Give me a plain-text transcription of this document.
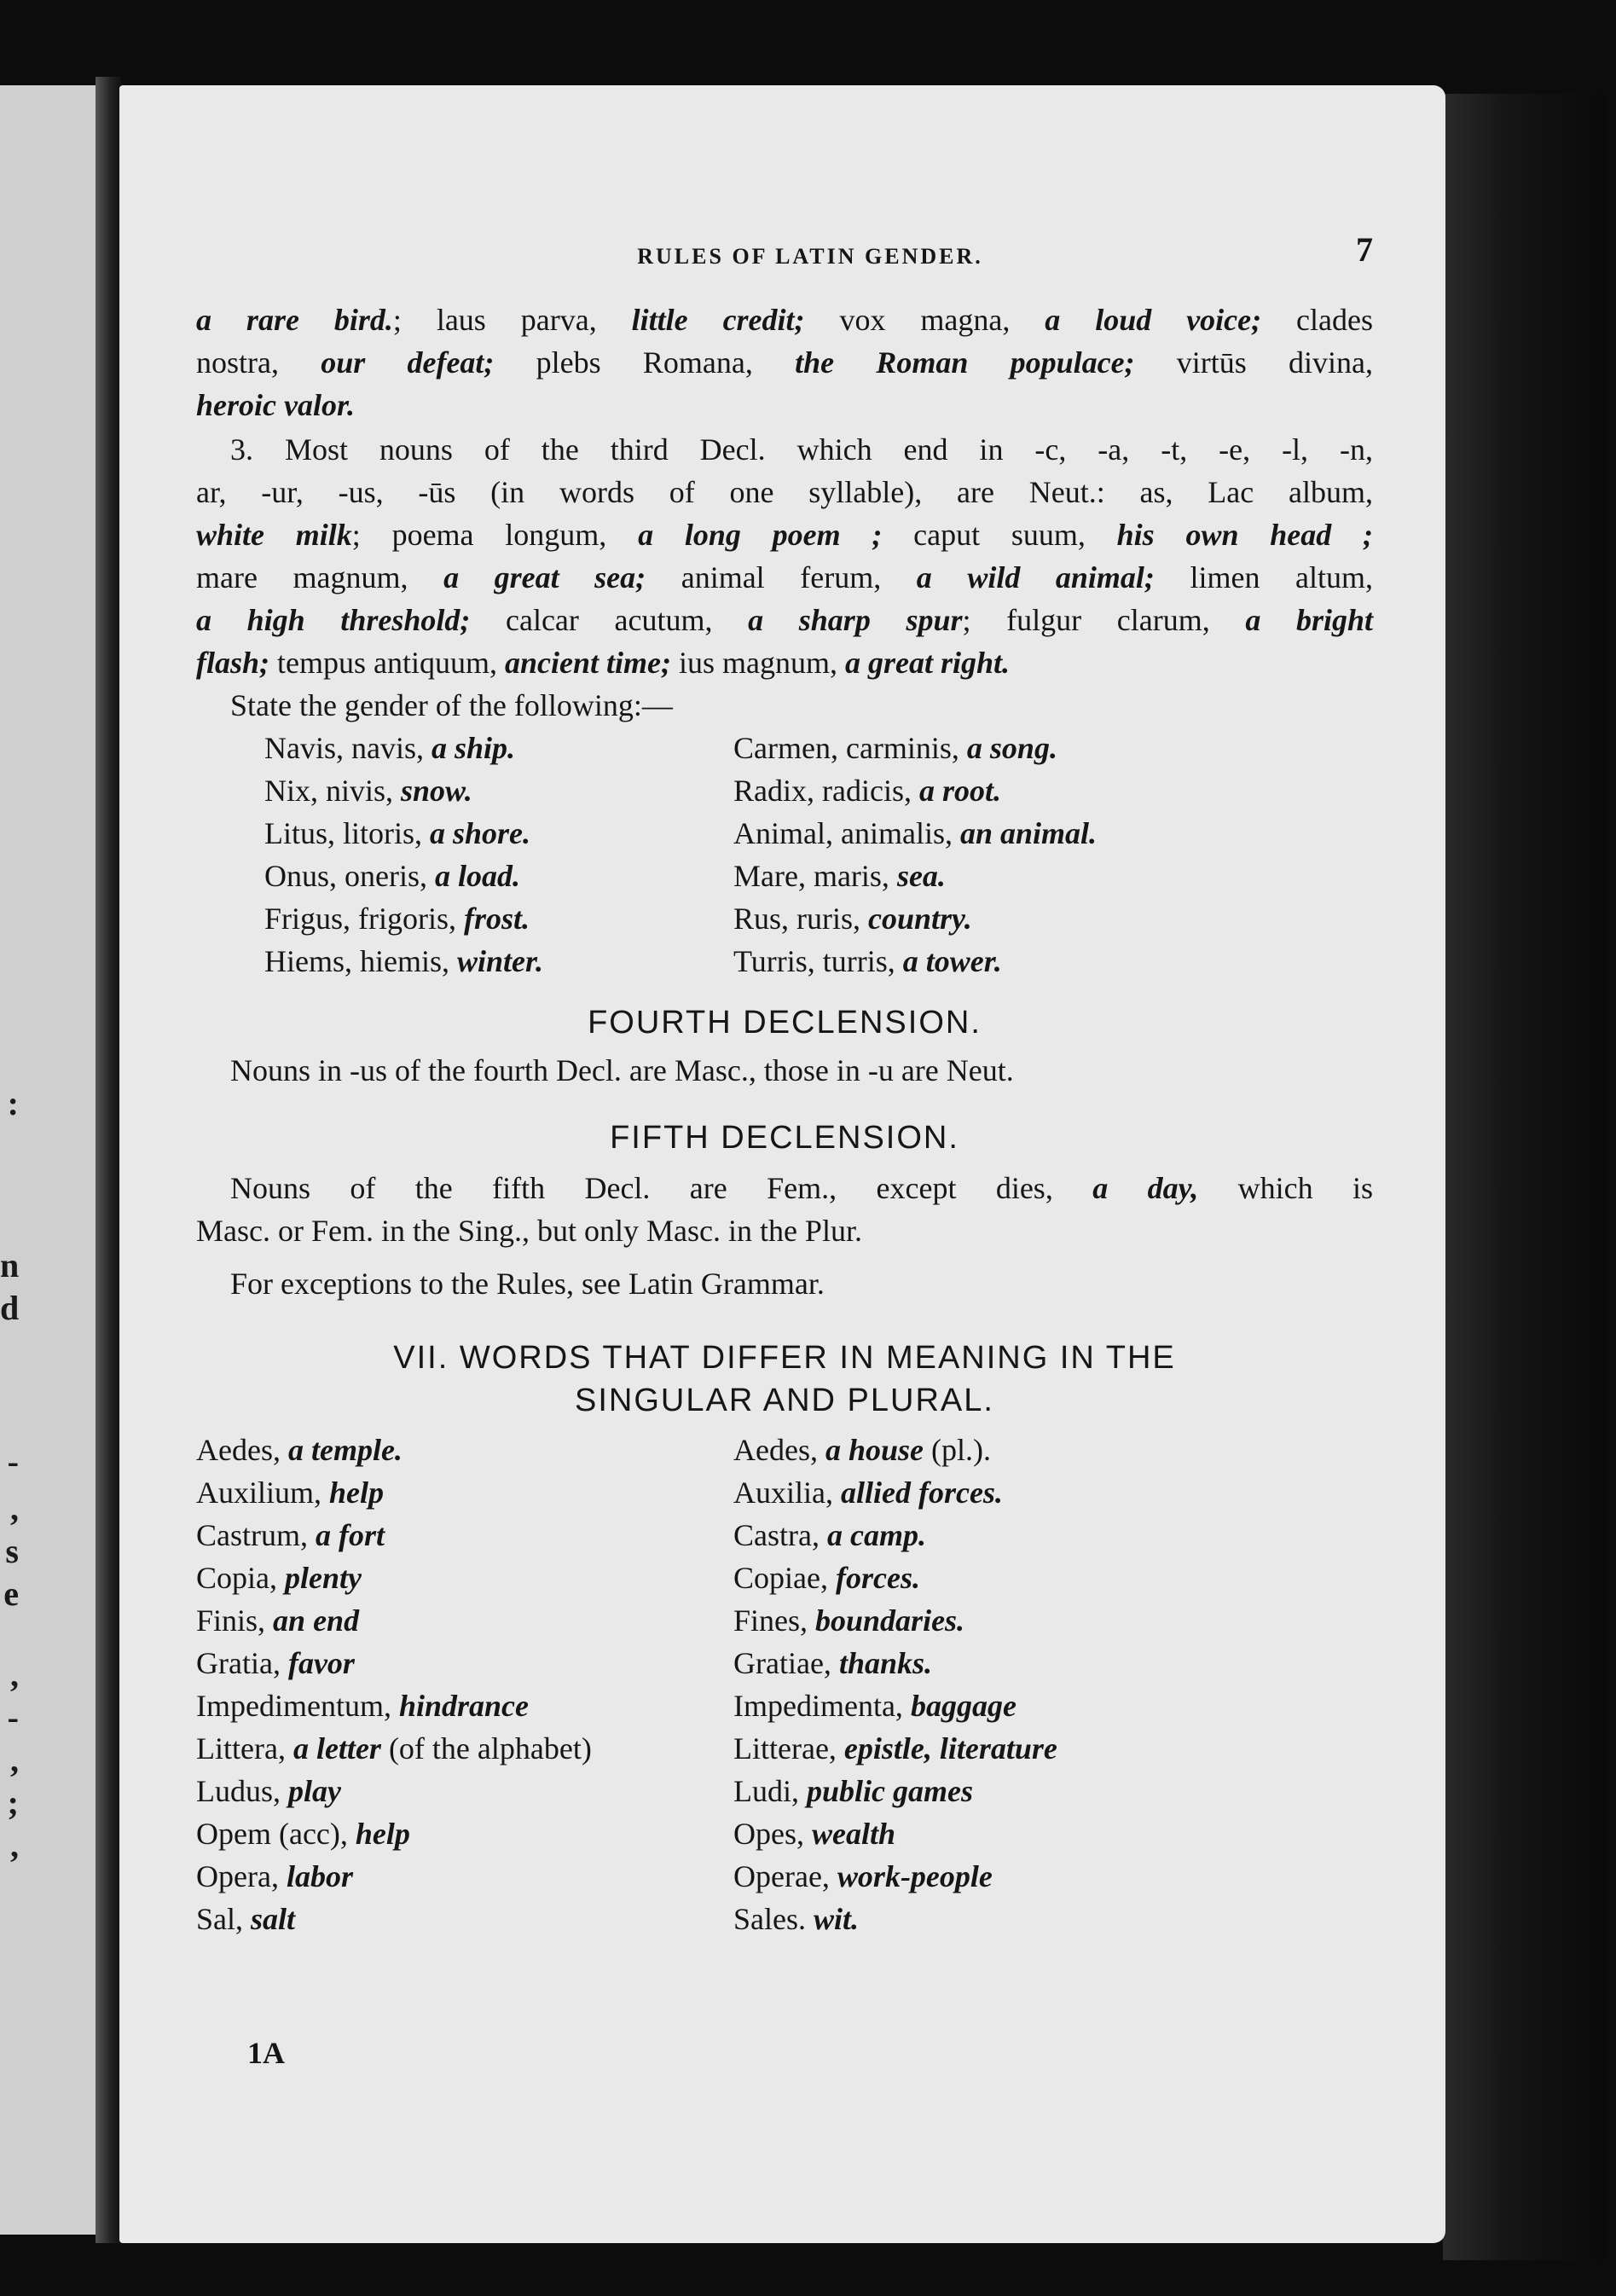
:
n
d
-
,
s
e
,
-
,
;
,
RULES OF LATIN GENDER.	7
a rare bird.; laus parva, little credit; vox magna, a loud voice; clades
nostra, our defeat; plebs Romana, the Roman populace; virtūs divina,
heroic valor.
3. Most nouns of the third Decl. which end in -c, -a, -t, -e, -l, -n,
ar, -ur, -us, -ūs (in words of one syllable), are Neut.: as, Lac album,
white milk; poema longum, a long poem ; caput suum, his own head ;
mare magnum, a great sea; animal ferum, a wild animal; limen altum,
a high threshold; calcar acutum, a sharp spur; fulgur clarum, a bright
flash; tempus antiquum, ancient time; ius magnum, a great right.
State the gender of the following:—
Navis, navis, a ship.
Nix, nivis, snow.
Litus, litoris, a shore.
Onus, oneris, a load.
Frigus, frigoris, frost.
Hiems, hiemis, winter.
Carmen, carminis, a song.
Radix, radicis, a root.
Animal, animalis, an animal.
Mare, maris, sea.
Rus, ruris, country.
Turris, turris, a tower.
FOURTH DECLENSION.
Nouns in -us of the fourth Decl. are Masc., those in -u are Neut.
FIFTH DECLENSION.
Nouns of the fifth Decl. are Fem., except dies, a day, which is
Masc. or Fem. in the Sing., but only Masc. in the Plur.
For exceptions to the Rules, see Latin Grammar.
VII. WORDS THAT DIFFER IN MEANING IN THE
SINGULAR AND PLURAL.
Aedes, a temple.
Auxilium, help
Castrum, a fort
Copia, plenty
Finis, an end
Gratia, favor
Impedimentum, hindrance
Littera, a letter (of the alphabet)
Ludus, play
Opem (acc), help
Opera, labor
Sal, salt
Aedes, a house (pl.).
Auxilia, allied forces.
Castra, a camp.
Copiae, forces.
Fines, boundaries.
Gratiae, thanks.
Impedimenta, baggage
Litterae, epistle, literature
Ludi, public games
Opes, wealth
Operae, work-people
Sales. wit.
1A
